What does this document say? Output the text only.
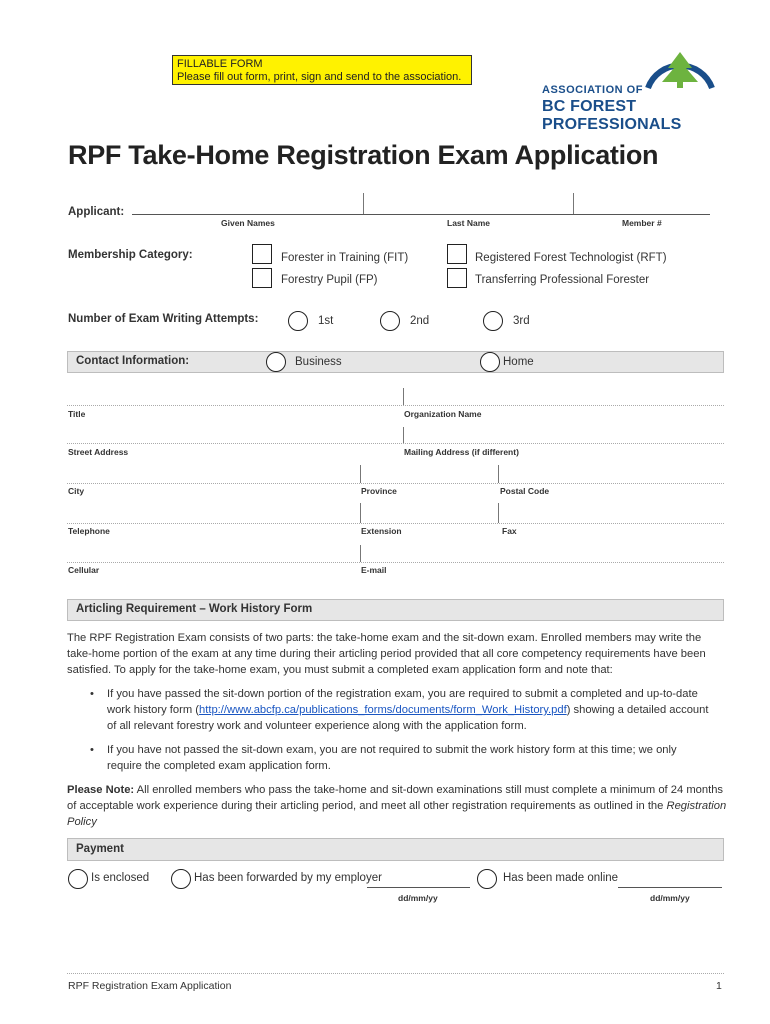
FILLABLE FORM
Please fill out form, print, sign and send to the association.
ASSOCIATION OF
BC FOREST PROFESSIONALS
RPF Take-Home Registration Exam Application
Applicant:
Given Names	Last Name	Member #
Membership Category:	Forester in Training (FIT)	Registered Forest Technologist (RFT)
Forestry Pupil (FP)	Transferring Professional Forester
Number of Exam Writing Attempts:	1st	2nd	3rd
Contact Information:	Business	Home
Title	Organization Name
Street Address	Mailing Address (if different)
City	Province	Postal Code
Telephone	Extension	Fax
Cellular	E-mail
Articling Requirement – Work History Form
The RPF Registration Exam consists of two parts: the take-home exam and the sit-down exam. Enrolled members may write the take-home portion of the exam at any time during their articling period provided that all core competency requirements have been satisfied. To apply for the take-home exam, you must submit a completed exam application form and note that:
• If you have passed the sit-down portion of the registration exam, you are required to submit a completed and up-to-date work history form (http://www.abcfp.ca/publications_forms/documents/form_Work_History.pdf) showing a detailed account of all relevant forestry work and volunteer experience along with the application form.
• If you have not passed the sit-down exam, you are not required to submit the work history form at this time; we only require the completed exam application form.
Please Note: All enrolled members who pass the take-home and sit-down examinations still must complete a minimum of 24 months of acceptable work experience during their articling period, and meet all other registration requirements as outlined in the Registration Policy
Payment
Is enclosed	Has been forwarded by my employer
dd/mm/yy
Has been made online
dd/mm/yy
RPF Registration Exam Application	1
